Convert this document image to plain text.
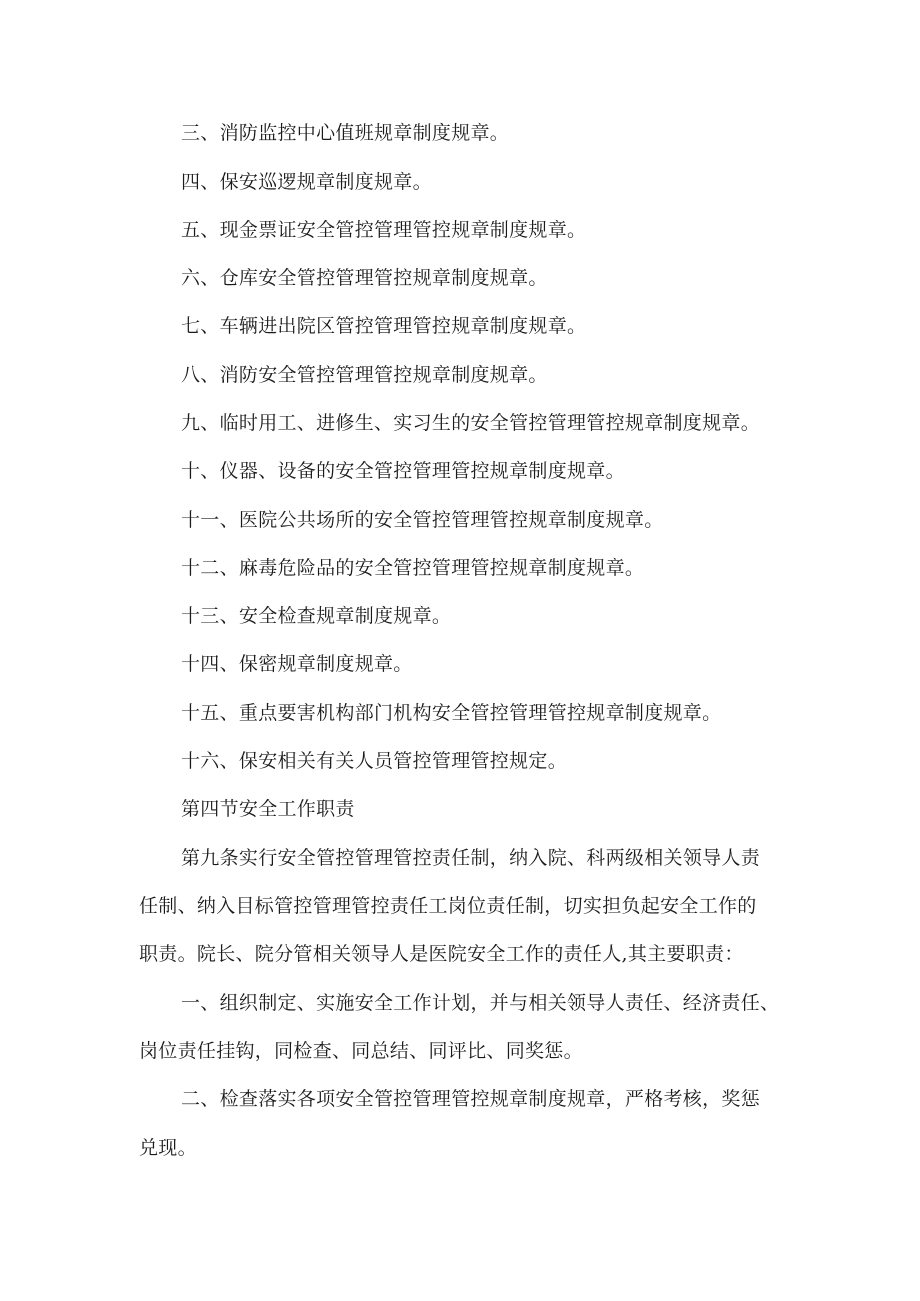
三、消防监控中心值班规章制度规章。
四、保安巡逻规章制度规章。
五、现金票证安全管控管理管控规章制度规章。
六、仓库安全管控管理管控规章制度规章。
七、车辆进出院区管控管理管控规章制度规章。
八、消防安全管控管理管控规章制度规章。
九、临时用工、进修生、实习生的安全管控管理管控规章制度规章。
十、仪器、设备的安全管控管理管控规章制度规章。
十一、医院公共场所的安全管控管理管控规章制度规章。
十二、麻毒危险品的安全管控管理管控规章制度规章。
十三、安全检查规章制度规章。
十四、保密规章制度规章。
十五、重点要害机构部门机构安全管控管理管控规章制度规章。
十六、保安相关有关人员管控管理管控规定。
第四节安全工作职责
第九条实行安全管控管理管控责任制，纳入院、科两级相关领导人责
任制、纳入目标管控管理管控责任工岗位责任制，切实担负起安全工作的
职责。院长、院分管相关领导人是医院安全工作的责任人,其主要职责：
一、组织制定、实施安全工作计划，并与相关领导人责任、经济责任、
岗位责任挂钩，同检查、同总结、同评比、同奖惩。
二、检查落实各项安全管控管理管控规章制度规章，严格考核，奖惩
兑现。
